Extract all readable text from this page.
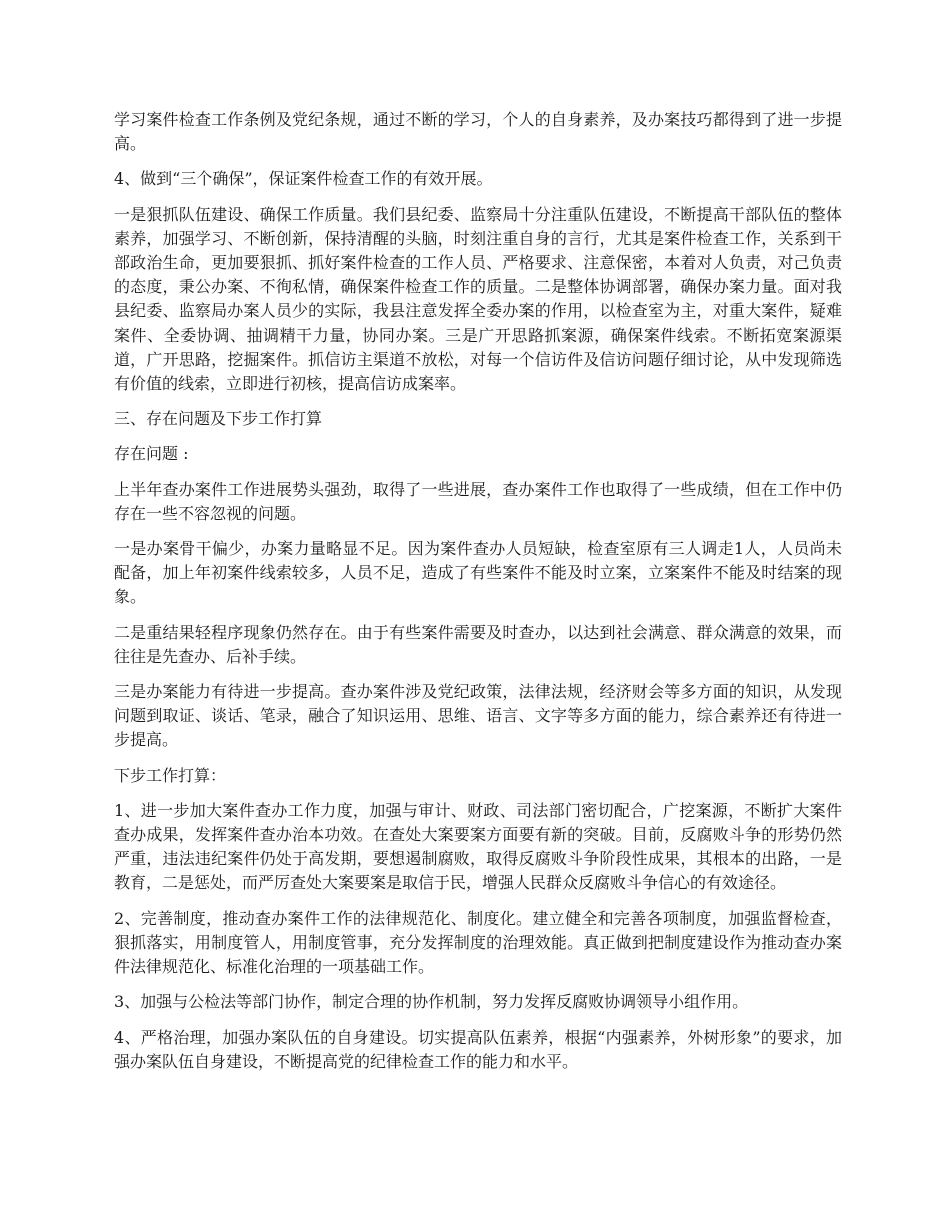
学习案件检查工作条例及党纪条规，通过不断的学习，个人的自身素养，及办案技巧都得到了进一步提高。

4、做到“三个确保”，保证案件检查工作的有效开展。

一是狠抓队伍建设、确保工作质量。我们县纪委、监察局十分注重队伍建设，不断提高干部队伍的整体素养，加强学习、不断创新，保持清醒的头脑，时刻注重自身的言行，尤其是案件检查工作，关系到干部政治生命，更加要狠抓、抓好案件检查的工作人员、严格要求、注意保密，本着对人负责，对己负责的态度，秉公办案、不徇私情，确保案件检查工作的质量。二是整体协调部署，确保办案力量。面对我县纪委、监察局办案人员少的实际，我县注意发挥全委办案的作用，以检查室为主，对重大案件，疑难案件、全委协调、抽调精干力量，协同办案。三是广开思路抓案源，确保案件线索。不断拓宽案源渠道，广开思路，挖掘案件。抓信访主渠道不放松，对每一个信访件及信访问题仔细讨论，从中发现筛选有价值的线索，立即进行初核，提高信访成案率。

三、存在问题及下步工作打算

存在问题 :

上半年查办案件工作进展势头强劲，取得了一些进展，查办案件工作也取得了一些成绩，但在工作中仍存在一些不容忽视的问题。

一是办案骨干偏少，办案力量略显不足。因为案件查办人员短缺，检查室原有三人调走1人，人员尚未配备，加上年初案件线索较多，人员不足，造成了有些案件不能及时立案，立案案件不能及时结案的现象。

二是重结果轻程序现象仍然存在。由于有些案件需要及时查办，以达到社会满意、群众满意的效果，而往往是先查办、后补手续。

三是办案能力有待进一步提高。查办案件涉及党纪政策，法律法规，经济财会等多方面的知识，从发现问题到取证、谈话、笔录，融合了知识运用、思维、语言、文字等多方面的能力，综合素养还有待进一步提高。

下步工作打算：

1、进一步加大案件查办工作力度，加强与审计、财政、司法部门密切配合，广挖案源，不断扩大案件查办成果，发挥案件查办治本功效。在查处大案要案方面要有新的突破。目前，反腐败斗争的形势仍然严重，违法违纪案件仍处于高发期，要想遏制腐败，取得反腐败斗争阶段性成果，其根本的出路，一是教育，二是惩处，而严厉查处大案要案是取信于民，增强人民群众反腐败斗争信心的有效途径。

2、完善制度，推动查办案件工作的法律规范化、制度化。建立健全和完善各项制度，加强监督检查，狠抓落实，用制度管人，用制度管事，充分发挥制度的治理效能。真正做到把制度建设作为推动查办案件法律规范化、标准化治理的一项基础工作。

3、加强与公检法等部门协作，制定合理的协作机制，努力发挥反腐败协调领导小组作用。

4、严格治理，加强办案队伍的自身建设。切实提高队伍素养，根据“内强素养，外树形象”的要求，加强办案队伍自身建设，不断提高党的纪律检查工作的能力和水平。
